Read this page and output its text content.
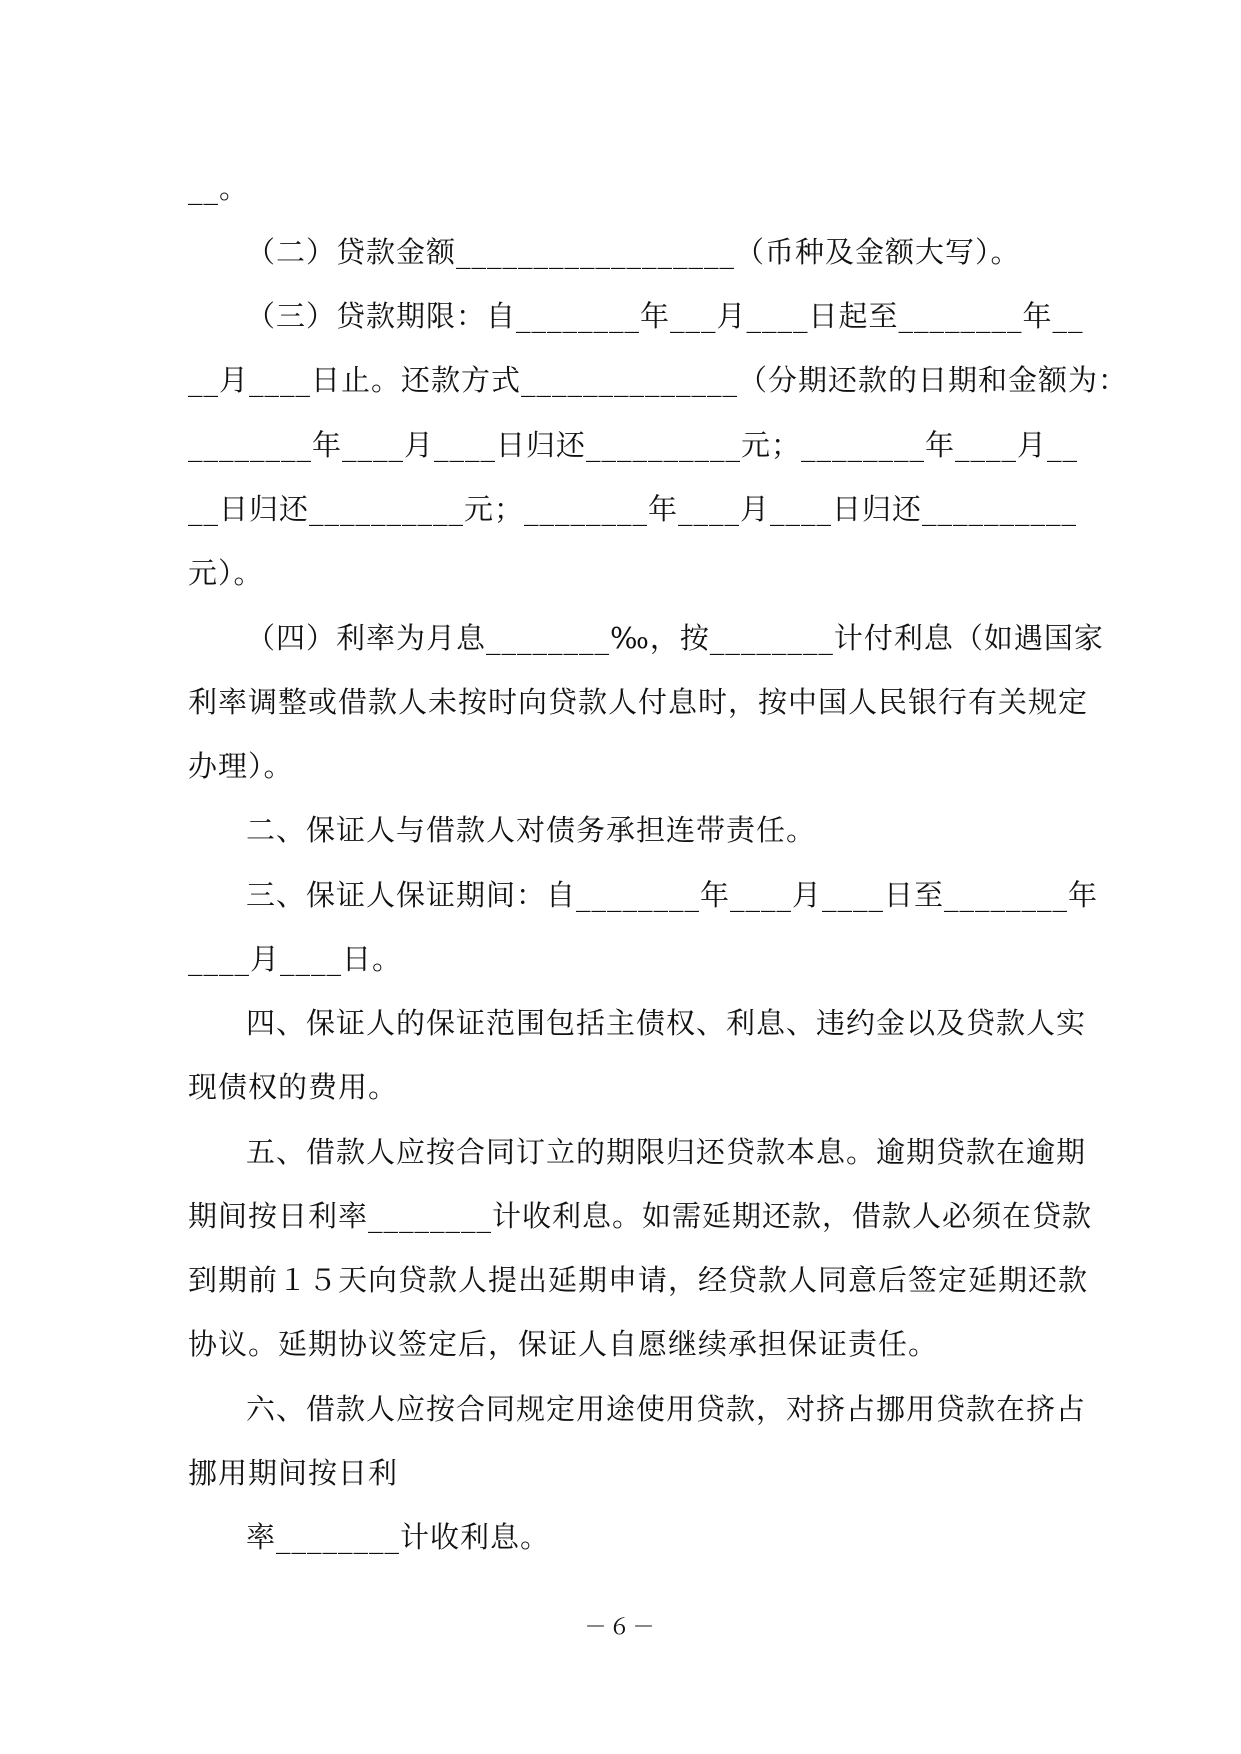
__。
（二）贷款金额__________________（币种及金额大写）。
（三）贷款期限：自________年___月____日起至________年__
__月____日止。还款方式______________（分期还款的日期和金额为：
________年____月____日归还__________元；________年____月__
__日归还__________元；________年____月____日归还__________
元）。
（四）利率为月息________‰，按________计付利息（如遇国家
利率调整或借款人未按时向贷款人付息时，按中国人民银行有关规定
办理）。
二、保证人与借款人对债务承担连带责任。
三、保证人保证期间：自________年____月____日至________年
____月____日。
四、保证人的保证范围包括主债权、利息、违约金以及贷款人实
现债权的费用。
五、借款人应按合同订立的期限归还贷款本息。逾期贷款在逾期
期间按日利率________计收利息。如需延期还款，借款人必须在贷款
到期前１５天向贷款人提出延期申请，经贷款人同意后签定延期还款
协议。延期协议签定后，保证人自愿继续承担保证责任。
六、借款人应按合同规定用途使用贷款，对挤占挪用贷款在挤占
挪用期间按日利
率________计收利息。
－６－
